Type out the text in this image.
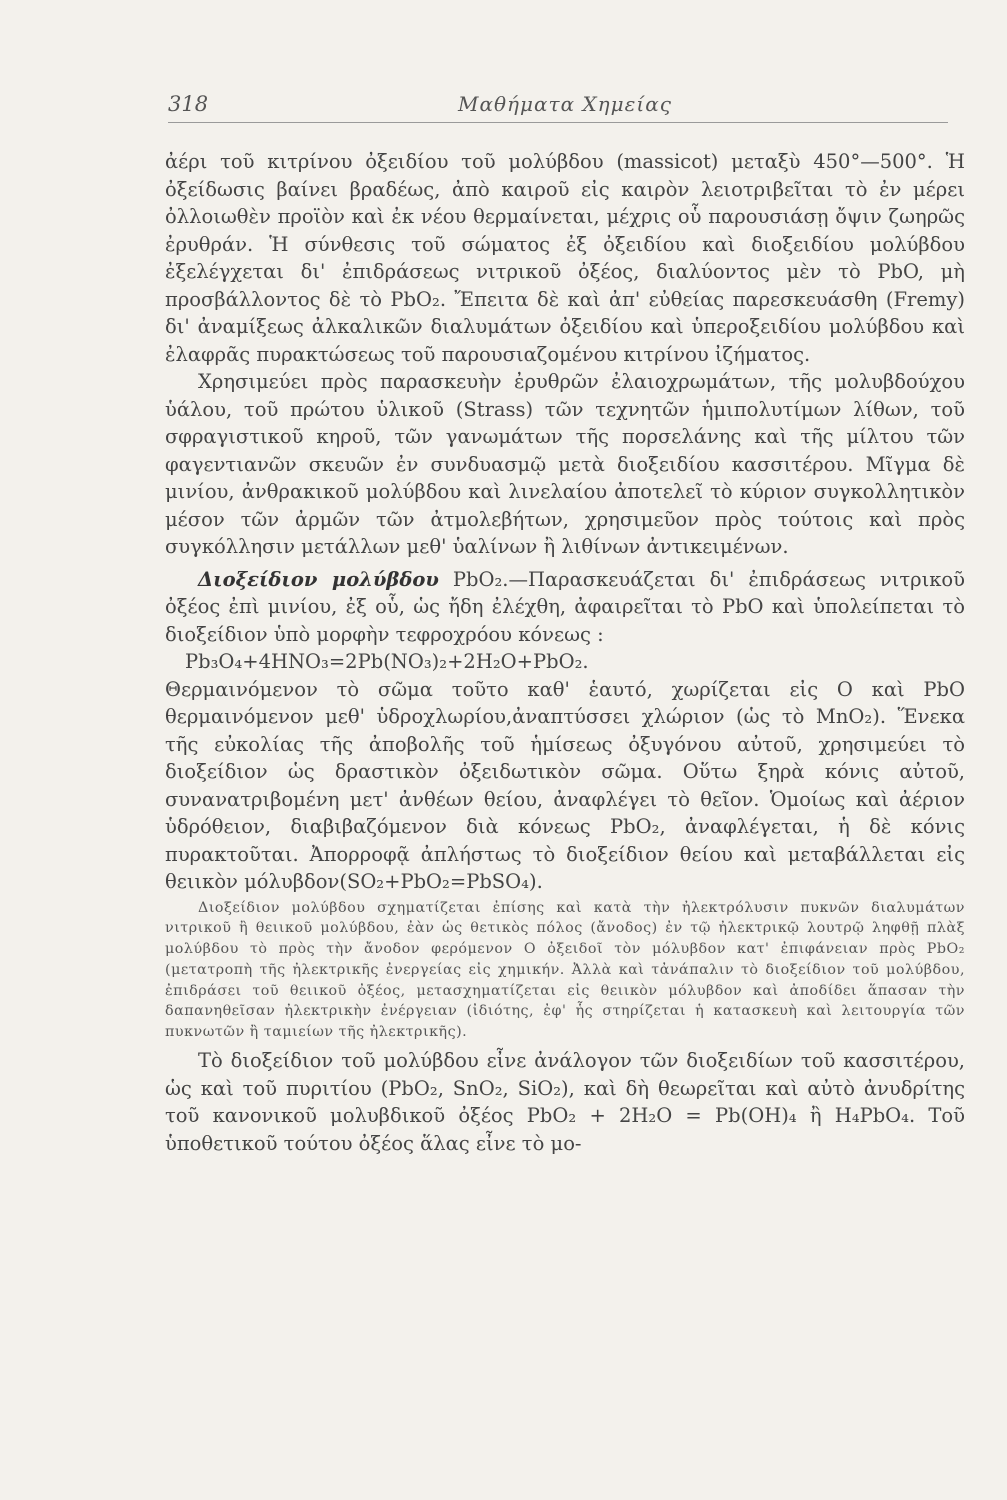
318	Μαθήματα Χημείας

ἀέρι τοῦ κιτρίνου ὀξειδίου τοῦ μολύβδου (massicot) μεταξὺ 450°—500°. Ἡ ὀξείδωσις βαίνει βραδέως, ἀπὸ καιροῦ εἰς καιρὸν λειοτριβεῖται τὸ ἐν μέρει ὀλλοιωθὲν προϊὸν καὶ ἐκ νέου θερμαίνεται, μέχρις οὗ παρουσιάσῃ ὄψιν ζωηρῶς ἐρυθράν. Ἡ σύνθεσις τοῦ σώματος ἐξ ὀξειδίου καὶ διοξειδίου μολύβδου ἐξελέγχεται δι' ἐπιδράσεως νιτρικοῦ ὀξέος, διαλύοντος μὲν τὸ PbO, μὴ προσβάλλοντος δὲ τὸ PbO₂. Ἔπειτα δὲ καὶ ἀπ' εὐθείας παρεσκευάσθη (Fremy) δι' ἀναμίξεως ἀλκαλικῶν διαλυμάτων ὀξειδίου καὶ ὑπεροξειδίου μολύβδου καὶ ἐλαφρᾶς πυρακτώσεως τοῦ παρουσιαζομένου κιτρίνου ἰζήματος.

Χρησιμεύει πρὸς παρασκευὴν ἐρυθρῶν ἐλαιοχρωμάτων, τῆς μολυβδούχου ὑάλου, τοῦ πρώτου ὑλικοῦ (Strass) τῶν τεχνητῶν ἡμιπολυτίμων λίθων, τοῦ σφραγιστικοῦ κηροῦ, τῶν γανωμάτων τῆς πορσελάνης καὶ τῆς μίλτου τῶν φαγεντιανῶν σκευῶν ἐν συνδυασμῷ μετὰ διοξειδίου κασσιτέρου. Μῖγμα δὲ μινίου, ἀνθρακικοῦ μολύβδου καὶ λινελαίου ἀποτελεῖ τὸ κύριον συγκολλητικὸν μέσον τῶν ἀρμῶν τῶν ἀτμολεβήτων, χρησιμεῦον πρὸς τούτοις καὶ πρὸς συγκόλλησιν μετάλλων μεθ' ὑαλίνων ἢ λιθίνων ἀντικειμένων.

Διοξείδιον μολύβδου PbO₂.—Παρασκευάζεται δι' ἐπιδράσεως νιτρικοῦ ὀξέος ἐπὶ μινίου, ἐξ οὗ, ὡς ἤδη ἐλέχθη, ἀφαιρεῖται τὸ PbO καὶ ὑπολείπεται τὸ διοξείδιον ὑπὸ μορφὴν τεφροχρόου κόνεως :

Pb₃O₄+4HNO₃=2Pb(NO₃)₂+2H₂O+PbO₂.

Θερμαινόμενον τὸ σῶμα τοῦτο καθ' ἑαυτό, χωρίζεται εἰς O καὶ PbO θερμαινόμενον μεθ' ὑδροχλωρίου,ἀναπτύσσει χλώριον (ὡς τὸ MnO₂). Ἕνεκα τῆς εὐκολίας τῆς ἀποβολῆς τοῦ ἡμίσεως ὀξυγόνου αὐτοῦ, χρησιμεύει τὸ διοξείδιον ὡς δραστικὸν ὀξειδωτικὸν σῶμα. Οὕτω ξηρὰ κόνις αὐτοῦ, συνανατριβομένη μετ' ἀνθέων θείου, ἀναφλέγει τὸ θεῖον. Ὁμοίως καὶ ἀέριον ὑδρόθειον, διαβιβαζόμενον διὰ κόνεως PbO₂, ἀναφλέγεται, ἡ δὲ κόνις πυρακτοῦται. Ἀπορροφᾷ ἀπλήστως τὸ διοξείδιον θείου καὶ μεταβάλλεται εἰς θειικὸν μόλυβδον(SO₂+PbO₂=PbSO₄).

Διοξείδιον μολύβδου σχηματίζεται ἐπίσης καὶ κατὰ τὴν ἠλεκτρόλυσιν πυκνῶν διαλυμάτων νιτρικοῦ ἢ θειικοῦ μολύβδου, ἐὰν ὡς θετικὸς πόλος (ἄνοδος) ἐν τῷ ἠλεκτρικῷ λουτρῷ ληφθῇ πλὰξ μολύβδου τὸ πρὸς τὴν ἄνοδον φερόμενον O ὀξειδοῖ τὸν μόλυβδον κατ' ἐπιφάνειαν πρὸς PbO₂ (μετατροπὴ τῆς ἠλεκτρικῆς ἐνεργείας εἰς χημικήν. Ἀλλὰ καὶ τἀνάπαλιν τὸ διοξείδιον τοῦ μολύβδου, ἐπιδράσει τοῦ θειικοῦ ὀξέος, μετασχηματίζεται εἰς θειικὸν μόλυβδον καὶ ἀποδίδει ἅπασαν τὴν δαπανηθεῖσαν ἠλεκτρικὴν ἐνέργειαν (ἰδιότης, ἐφ' ἧς στηρίζεται ἡ κατασκευὴ καὶ λειτουργία τῶν πυκνωτῶν ἢ ταμιείων τῆς ἠλεκτρικῆς).

Τὸ διοξείδιον τοῦ μολύβδου εἶνε ἀνάλογον τῶν διοξειδίων τοῦ κασσιτέρου, ὡς καὶ τοῦ πυριτίου (PbO₂, SnO₂, SiO₂), καὶ δὴ θεωρεῖται καὶ αὐτὸ ἀνυδρίτης τοῦ κανονικοῦ μολυβδικοῦ ὀξέος PbO₂ + 2H₂O = Pb(OH)₄ ἢ H₄PbO₄. Τοῦ ὑποθετικοῦ τούτου ὀξέος ἅλας εἶνε τὸ μο-
